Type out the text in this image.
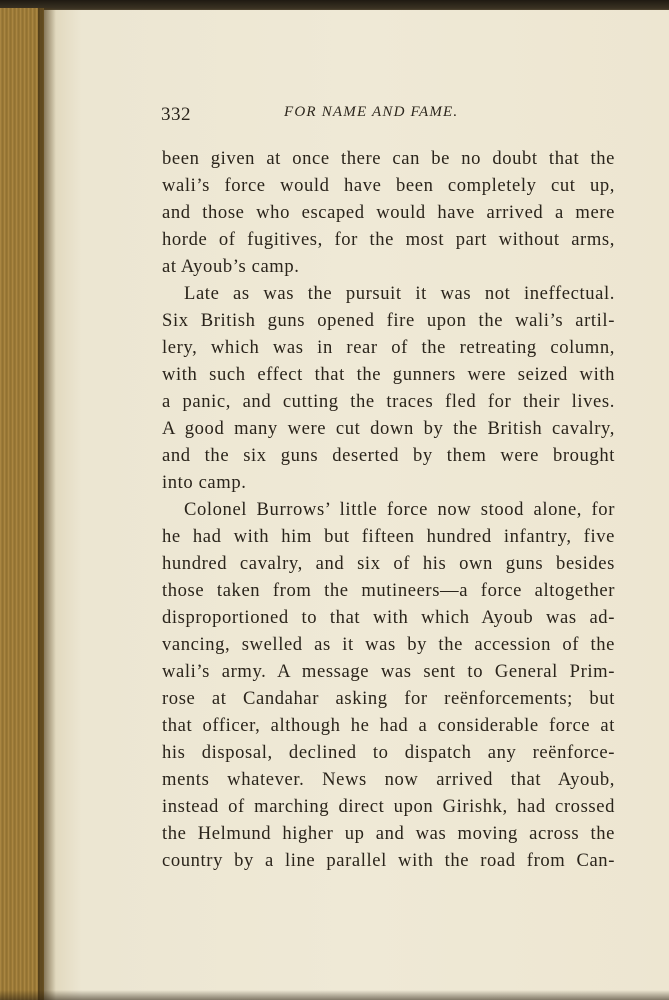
332	FOR NAME AND FAME.
been given at once there can be no doubt that the
wali’s force would have been completely cut up,
and those who escaped would have arrived a mere
horde of fugitives, for the most part without arms,
at Ayoub’s camp.
Late as was the pursuit it was not ineffectual.
Six British guns opened fire upon the wali’s artil-
lery, which was in rear of the retreating column,
with such effect that the gunners were seized with
a panic, and cutting the traces fled for their lives.
A good many were cut down by the British cavalry,
and the six guns deserted by them were brought
into camp.
Colonel Burrows’ little force now stood alone, for
he had with him but fifteen hundred infantry, five
hundred cavalry, and six of his own guns besides
those taken from the mutineers—a force altogether
disproportioned to that with which Ayoub was ad-
vancing, swelled as it was by the accession of the
wali’s army. A message was sent to General Prim-
rose at Candahar asking for reënforcements; but
that officer, although he had a considerable force at
his disposal, declined to dispatch any reënforce-
ments whatever. News now arrived that Ayoub,
instead of marching direct upon Girishk, had crossed
the Helmund higher up and was moving across the
country by a line parallel with the road from Can-
